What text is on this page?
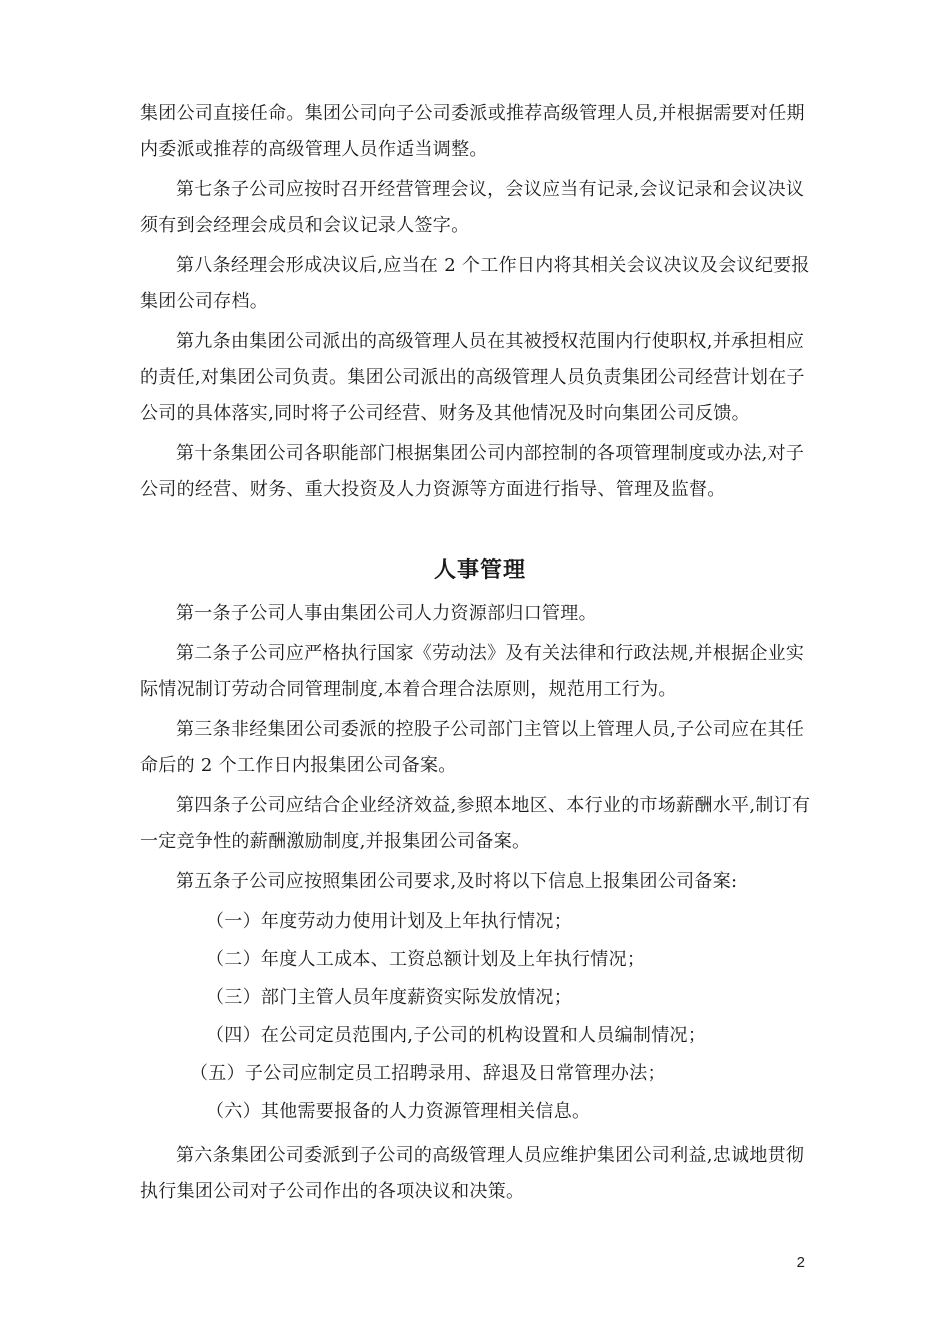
集团公司直接任命。集团公司向子公司委派或推荐高级管理人员,并根据需要对任期内委派或推荐的高级管理人员作适当调整。

第七条子公司应按时召开经营管理会议，会议应当有记录,会议记录和会议决议须有到会经理会成员和会议记录人签字。

第八条经理会形成决议后,应当在 2 个工作日内将其相关会议决议及会议纪要报集团公司存档。

第九条由集团公司派出的高级管理人员在其被授权范围内行使职权,并承担相应的责任,对集团公司负责。集团公司派出的高级管理人员负责集团公司经营计划在子公司的具体落实,同时将子公司经营、财务及其他情况及时向集团公司反馈。

第十条集团公司各职能部门根据集团公司内部控制的各项管理制度或办法,对子公司的经营、财务、重大投资及人力资源等方面进行指导、管理及监督。

人事管理

第一条子公司人事由集团公司人力资源部归口管理。

第二条子公司应严格执行国家《劳动法》及有关法律和行政法规,并根据企业实际情况制订劳动合同管理制度,本着合理合法原则，规范用工行为。

第三条非经集团公司委派的控股子公司部门主管以上管理人员,子公司应在其任命后的 2 个工作日内报集团公司备案。

第四条子公司应结合企业经济效益,参照本地区、本行业的市场薪酬水平,制订有一定竞争性的薪酬激励制度,并报集团公司备案。

第五条子公司应按照集团公司要求,及时将以下信息上报集团公司备案:

（一）年度劳动力使用计划及上年执行情况；
（二）年度人工成本、工资总额计划及上年执行情况；
（三）部门主管人员年度薪资实际发放情况；
（四）在公司定员范围内,子公司的机构设置和人员编制情况；
（五）子公司应制定员工招聘录用、辞退及日常管理办法；
（六）其他需要报备的人力资源管理相关信息。

第六条集团公司委派到子公司的高级管理人员应维护集团公司利益,忠诚地贯彻执行集团公司对子公司作出的各项决议和决策。

2
